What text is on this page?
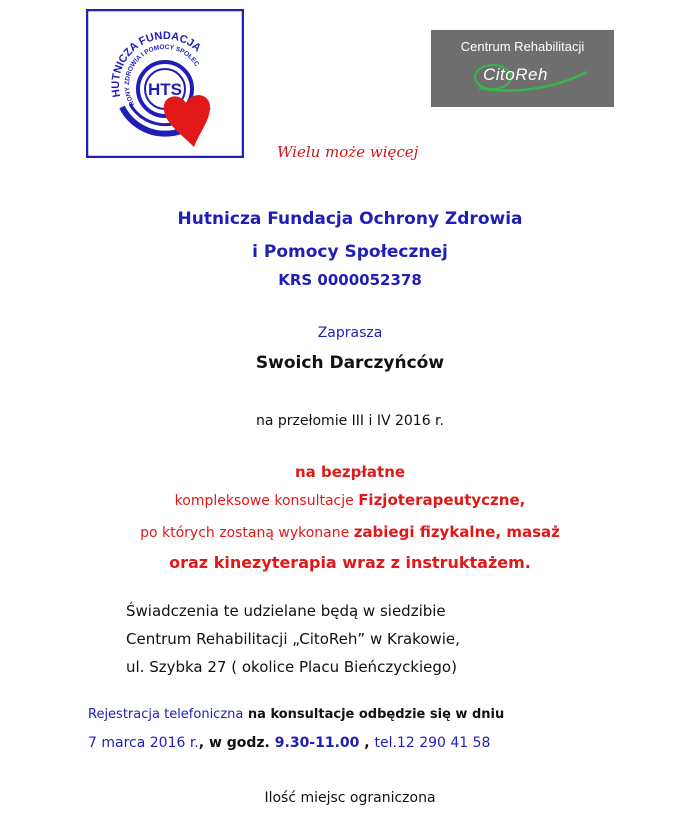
HUTNICZA FUNDACJA
OCHRONY ZDROWIA I POMOCY SPOŁECZNEJ
HTS
Centrum Rehabilitacji
CitoReh
Wielu może więcej
Hutnicza Fundacja Ochrony Zdrowia
i Pomocy Społecznej
KRS 0000052378
Zaprasza
Swoich Darczyńców
na przełomie III i IV 2016 r.
na bezpłatne
kompleksowe konsultacje Fizjoterapeutyczne,
po których zostaną wykonane zabiegi fizykalne, masaż
oraz kinezyterapia wraz z instruktażem.
Świadczenia te udzielane będą w siedzibie
Centrum Rehabilitacji „CitoReh” w Krakowie,
ul. Szybka 27 ( okolice Placu Bieńczyckiego)
Rejestracja telefoniczna na konsultacje odbędzie się w dniu
7 marca 2016 r., w godz. 9.30-11.00 , tel.12 290 41 58
Ilość miejsc ograniczona
